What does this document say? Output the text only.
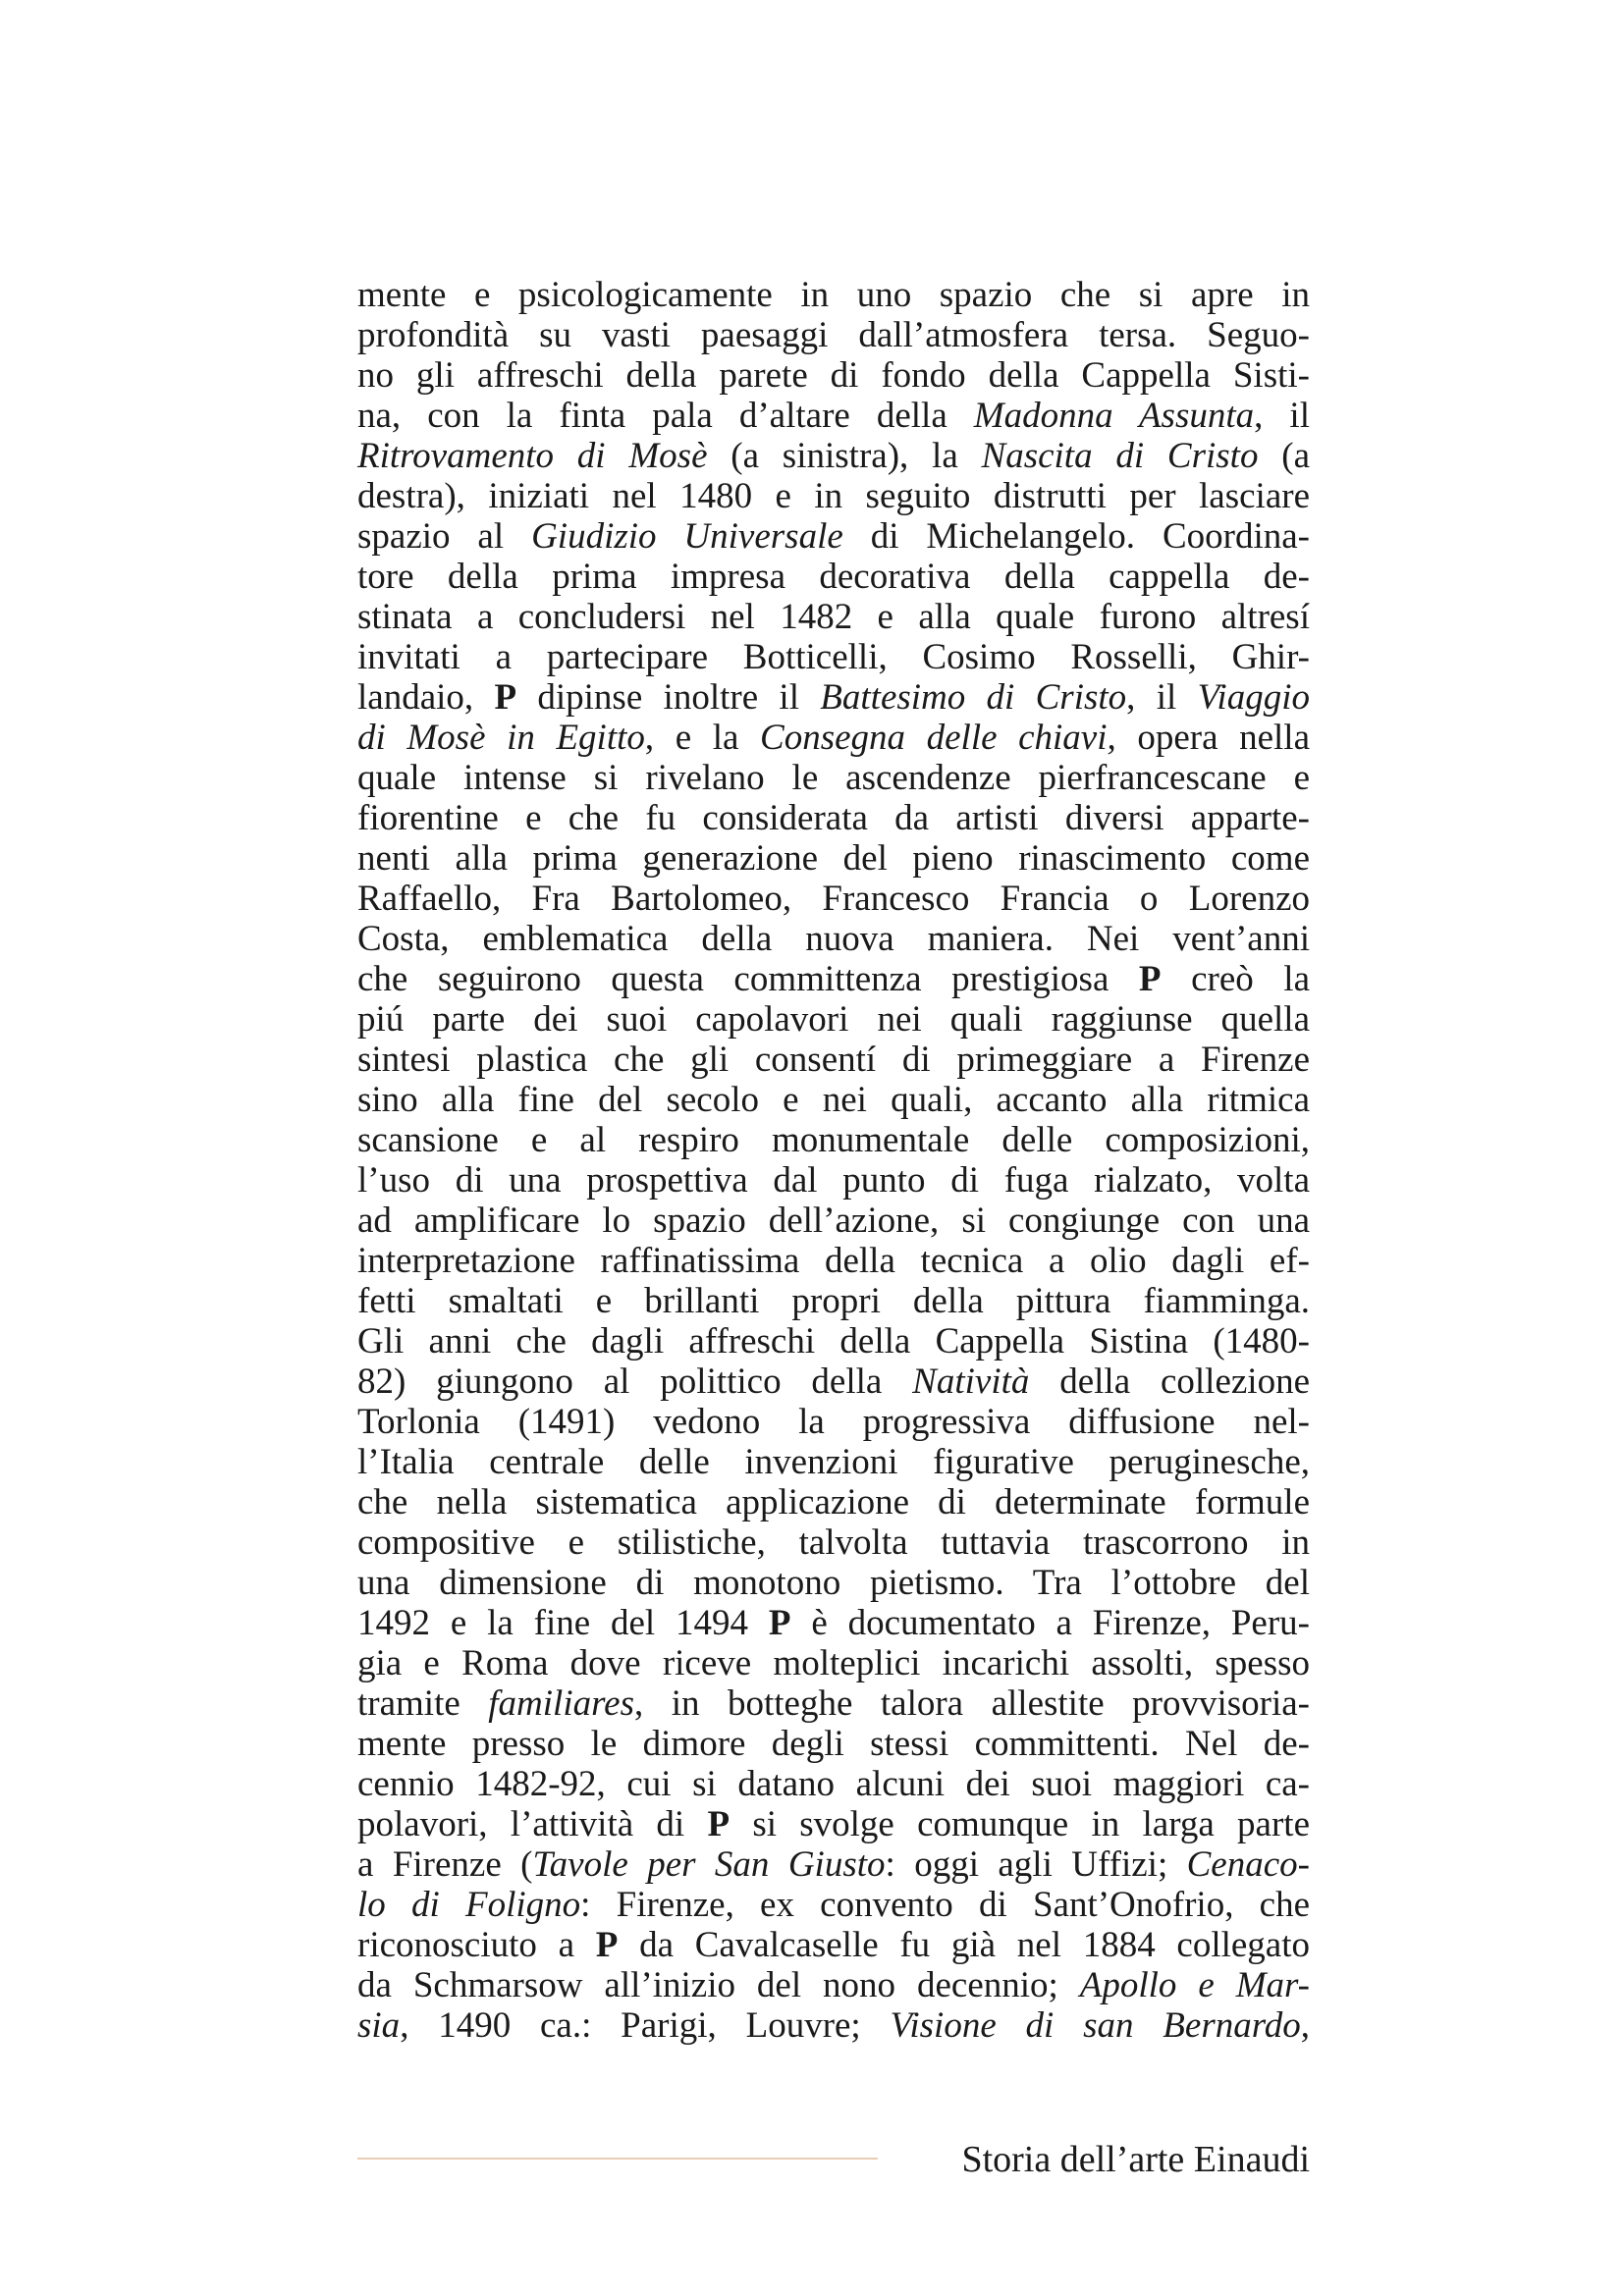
mente e psicologicamente in uno spazio che si apre in

profondità su vasti paesaggi dall’atmosfera tersa. Seguo-

no gli affreschi della parete di fondo della Cappella Sisti-

na, con la finta pala d’altare della Madonna Assunta, il

Ritrovamento di Mosè (a sinistra), la Nascita di Cristo (a

destra), iniziati nel 1480 e in seguito distrutti per lasciare

spazio al Giudizio Universale di Michelangelo. Coordina-

tore della prima impresa decorativa della cappella de-

stinata a concludersi nel 1482 e alla quale furono altresí

invitati a partecipare Botticelli, Cosimo Rosselli, Ghir-

landaio, P dipinse inoltre il Battesimo di Cristo, il Viaggio

di Mosè in Egitto, e la Consegna delle chiavi, opera nella

quale intense si rivelano le ascendenze pierfrancescane e

fiorentine e che fu considerata da artisti diversi apparte-

nenti alla prima generazione del pieno rinascimento come

Raffaello, Fra Bartolomeo, Francesco Francia o Lorenzo

Costa, emblematica della nuova maniera. Nei vent’anni

che seguirono questa committenza prestigiosa P creò la

piú parte dei suoi capolavori nei quali raggiunse quella

sintesi plastica che gli consentí di primeggiare a Firenze

sino alla fine del secolo e nei quali, accanto alla ritmica

scansione e al respiro monumentale delle composizioni,

l’uso di una prospettiva dal punto di fuga rialzato, volta

ad amplificare lo spazio dell’azione, si congiunge con una

interpretazione raffinatissima della tecnica a olio dagli ef-

fetti smaltati e brillanti propri della pittura fiamminga.

Gli anni che dagli affreschi della Cappella Sistina (1480-

82) giungono al polittico della Natività della collezione

Torlonia (1491) vedono la progressiva diffusione nel-

l’Italia centrale delle invenzioni figurative peruginesche,

che nella sistematica applicazione di determinate formule

compositive e stilistiche, talvolta tuttavia trascorrono in

una dimensione di monotono pietismo. Tra l’ottobre del

1492 e la fine del 1494 P è documentato a Firenze, Peru-

gia e Roma dove riceve molteplici incarichi assolti, spesso

tramite familiares, in botteghe talora allestite provvisoria-

mente presso le dimore degli stessi committenti. Nel de-

cennio 1482-92, cui si datano alcuni dei suoi maggiori ca-

polavori, l’attività di P si svolge comunque in larga parte

a Firenze (Tavole per San Giusto: oggi agli Uffizi; Cenaco-

lo di Foligno: Firenze, ex convento di Sant’Onofrio, che

riconosciuto a P da Cavalcaselle fu già nel 1884 collegato

da Schmarsow all’inizio del nono decennio; Apollo e Mar-

sia, 1490 ca.: Parigi, Louvre; Visione di san Bernardo,

Storia dell’arte Einaudi
